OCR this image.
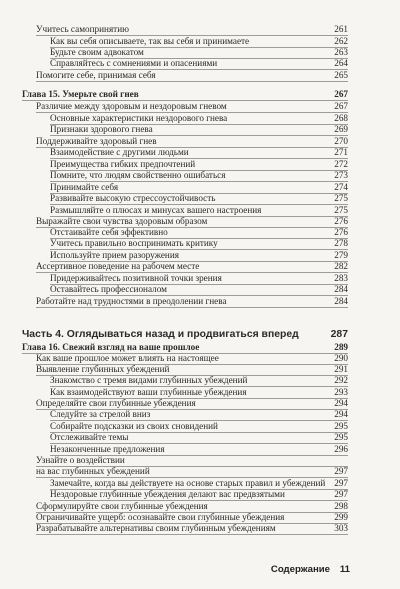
Учитесь самопринятию	261
Как вы себя описываете, так вы себя и принимаете	262
Будьте своим адвокатом	263
Справляйтесь с сомнениями и опасениями	264
Помогите себе, принимая себя	265
Глава 15. Умерьте свой гнев	267
Различие между здоровым и нездоровым гневом	267
Основные характеристики нездорового гнева	268
Признаки здорового гнева	269
Поддерживайте здоровый гнев	270
Взаимодействие с другими людьми	271
Преимущества гибких предпочтений	272
Помните, что людям свойственно ошибаться	273
Принимайте себя	274
Развивайте высокую стрессоустойчивость	275
Размышляйте о плюсах и минусах вашего настроения	275
Выражайте свои чувства здоровым образом	276
Отстаивайте себя эффективно	276
Учитесь правильно воспринимать критику	278
Используйте прием разоружения	279
Ассертивное поведение на рабочем месте	282
Придерживайтесь позитивной точки зрения	283
Оставайтесь профессионалом	284
Работайте над трудностями в преодолении гнева	284
Часть 4. Оглядываться назад и продвигаться вперед	287
Глава 16. Свежий взгляд на ваше прошлое	289
Как ваше прошлое может влиять на настоящее	290
Выявление глубинных убеждений	291
Знакомство с тремя видами глубинных убеждений	292
Как взаимодействуют ваши глубинные убеждения	293
Определяйте свои глубинные убеждения	294
Следуйте за стрелой вниз	294
Собирайте подсказки из своих сновидений	295
Отслеживайте темы	295
Незаконченные предложения	296
Узнайте о воздействии
на вас глубинных убеждений	297
Замечайте, когда вы действуете на основе старых правил и убеждений 297
Нездоровые глубинные убеждения делают вас предвзятыми	297
Сформулируйте свои глубинные убеждения	298
Ограничивайте ущерб: осознавайте свои глубинные убеждения	299
Разрабатывайте альтернативы своим глубинным убеждениям	303
Содержание 11
